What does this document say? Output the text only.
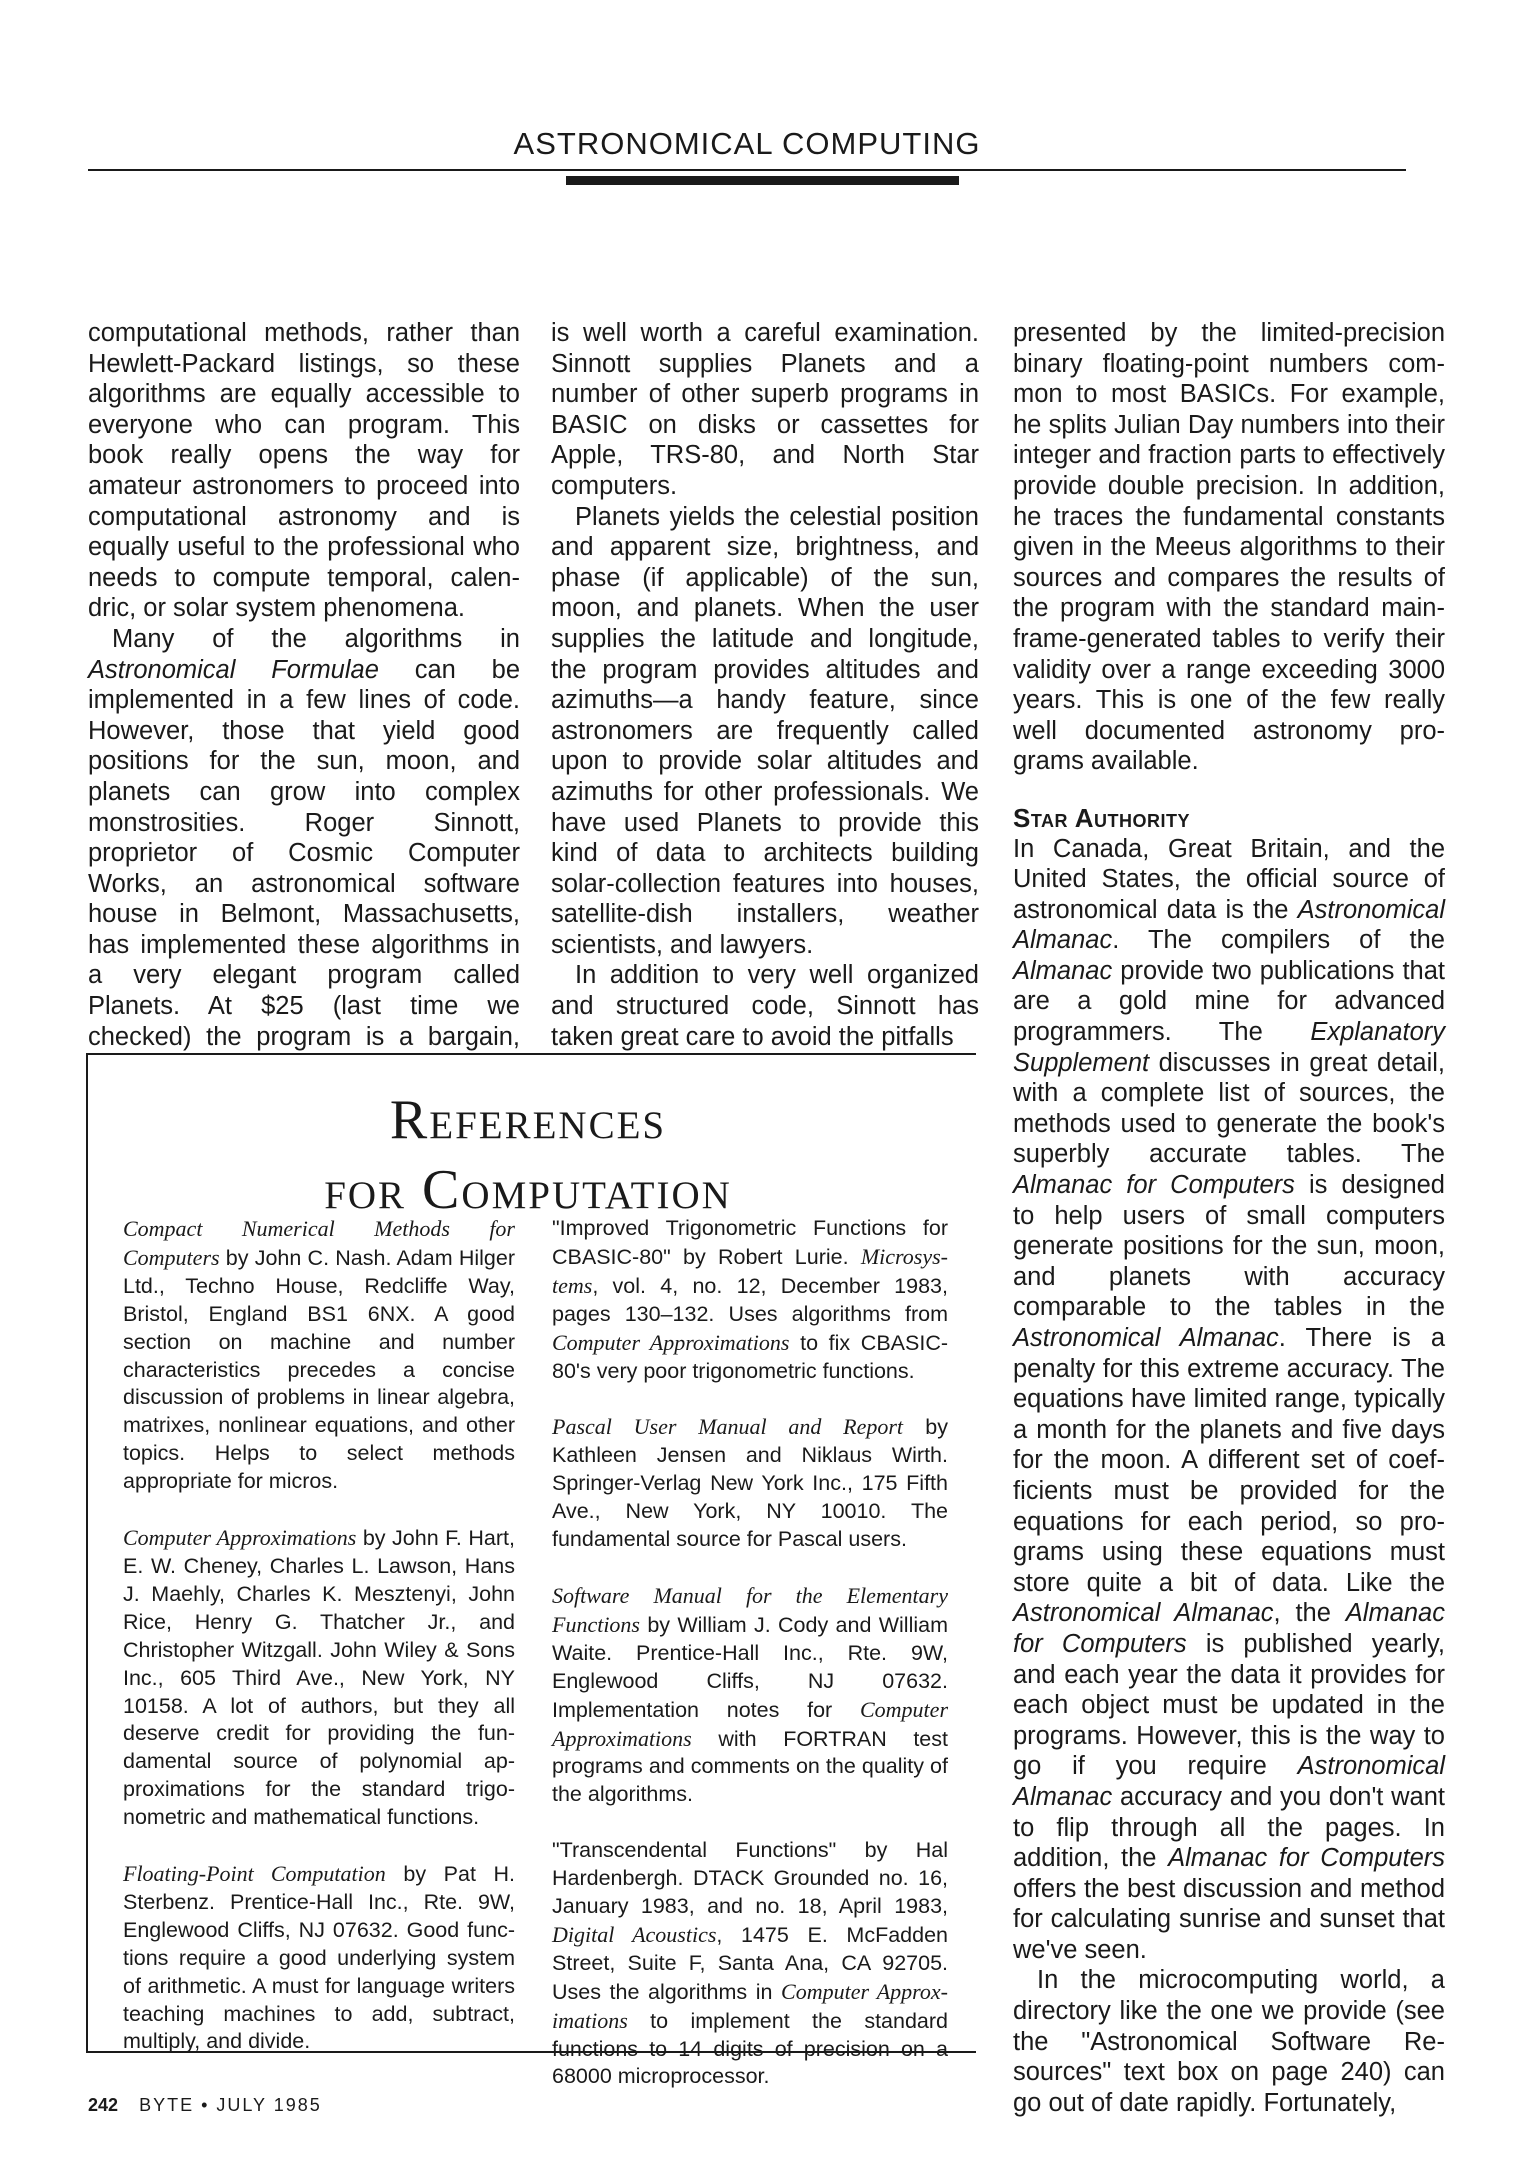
ASTRONOMICAL COMPUTING

computational methods, rather than Hewlett-Packard listings, so these algorithms are equally accessible to everyone who can program. This book really opens the way for amateur astronomers to proceed into computational astronomy and is equally useful to the professional who needs to compute temporal, calendric, or solar system phenomena.

Many of the algorithms in Astronomical Formulae can be implemented in a few lines of code. However, those that yield good positions for the sun, moon, and planets can grow into complex monstrosities. Roger Sinnott, proprietor of Cosmic Computer Works, an astronomical software house in Belmont, Massachusetts, has implemented these algorithms in a very elegant program called Planets. At $25 (last time we checked) the program is a bargain,

is well worth a careful examination. Sinnott supplies Planets and a number of other superb programs in BASIC on disks or cassettes for Apple, TRS-80, and North Star computers.

Planets yields the celestial position and apparent size, brightness, and phase (if applicable) of the sun, moon, and planets. When the user supplies the latitude and longitude, the program provides altitudes and azimuths—a handy feature, since astronomers are frequently called upon to provide solar altitudes and azimuths for other professionals. We have used Planets to provide this kind of data to architects building solar-collection features into houses, satellite-dish installers, weather scientists, and lawyers.

In addition to very well organized and structured code, Sinnott has taken great care to avoid the pitfalls

presented by the limited-precision binary floating-point numbers common to most BASICs. For example, he splits Julian Day numbers into their integer and fraction parts to effectively provide double precision. In addition, he traces the fundamental constants given in the Meeus algorithms to their sources and compares the results of the program with the standard mainframe-generated tables to verify their validity over a range exceeding 3000 years. This is one of the few really well documented astronomy programs available.

Star Authority

In Canada, Great Britain, and the United States, the official source of astronomical data is the Astronomical Almanac. The compilers of the Almanac provide two publications that are a gold mine for advanced programmers. The Explanatory Supplement discusses in great detail, with a complete list of sources, the methods used to generate the book's superbly accurate tables. The Almanac for Computers is designed to help users of small computers generate positions for the sun, moon, and planets with accuracy comparable to the tables in the Astronomical Almanac. There is a penalty for this extreme accuracy. The equations have limited range, typically a month for the planets and five days for the moon. A different set of coefficients must be provided for the equations for each period, so programs using these equations must store quite a bit of data. Like the Astronomical Almanac, the Almanac for Computers is published yearly, and each year the data it provides for each object must be updated in the programs. However, this is the way to go if you require Astronomical Almanac accuracy and you don't want to flip through all the pages. In addition, the Almanac for Computers offers the best discussion and method for calculating sunrise and sunset that we've seen.

In the microcomputing world, a directory like the one we provide (see the "Astronomical Software Resources" text box on page 240) can go out of date rapidly. Fortunately,

References
for Computation

Compact Numerical Methods for Computers by John C. Nash. Adam Hilger Ltd., Techno House, Redcliffe Way, Bristol, England BS1 6NX. A good section on machine and number characteristics precedes a concise discussion of problems in linear algebra, matrixes, nonlinear equations, and other topics. Helps to select methods appropriate for micros.

Computer Approximations by John F. Hart, E. W. Cheney, Charles L. Lawson, Hans J. Maehly, Charles K. Mesztenyi, John Rice, Henry G. Thatcher Jr., and Christopher Witzgall. John Wiley & Sons Inc., 605 Third Ave., New York, NY 10158. A lot of authors, but they all deserve credit for providing the fundamental source of polynomial approximations for the standard trigonometric and mathematical functions.

Floating-Point Computation by Pat H. Sterbenz. Prentice-Hall Inc., Rte. 9W, Englewood Cliffs, NJ 07632. Good functions require a good underlying system of arithmetic. A must for language writers teaching machines to add, subtract, multiply, and divide.

"Improved Trigonometric Functions for CBASIC-80" by Robert Lurie. Microsystems, vol. 4, no. 12, December 1983, pages 130–132. Uses algorithms from Computer Approximations to fix CBASIC-80's very poor trigonometric functions.

Pascal User Manual and Report by Kathleen Jensen and Niklaus Wirth. Springer-Verlag New York Inc., 175 Fifth Ave., New York, NY 10010. The fundamental source for Pascal users.

Software Manual for the Elementary Functions by William J. Cody and William Waite. Prentice-Hall Inc., Rte. 9W, Englewood Cliffs, NJ 07632. Implementation notes for Computer Approximations with FORTRAN test programs and comments on the quality of the algorithms.

"Transcendental Functions" by Hal Hardenbergh. DTACK Grounded no. 16, January 1983, and no. 18, April 1983, Digital Acoustics, 1475 E. McFadden Street, Suite F, Santa Ana, CA 92705. Uses the algorithms in Computer Approximations to implement the standard functions to 14 digits of precision on a 68000 microprocessor.

242 BYTE • JULY 1985
